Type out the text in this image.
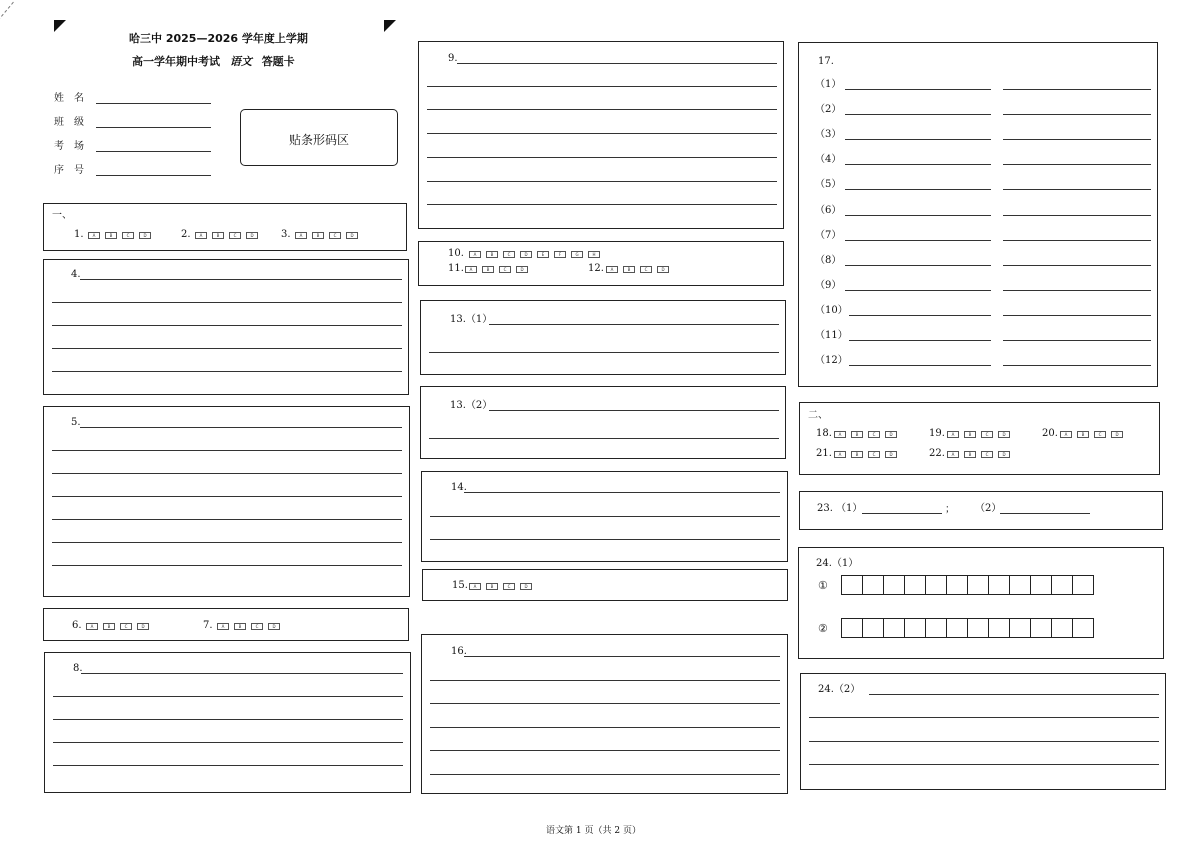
哈三中 2025—2026 学年度上学期
高一学年期中考试 语文 答题卡
姓　名
班　级
考　场
序　号
贴条形码区
一、
1.	A	B	C	D	2.	A	B	C	D	3.	A	B	C	D
4.
5.
6.	A	B	C	D	7.	A	B	C	D
8.
9.
10.	A	B	C	D	E	F	G	H
11.	A	B	C	D	12.	A	B	C	D
13.（1）
13.（2）
14.
15.	A	B	C	D
16.
17.
（1）
（2）
（3）
（4）
（5）
（6）
（7）
（8）
（9）
（10）
（11）
（12）
二、
18.	A	B	C	D	19.	A	B	C	D	20.	A	B	C	D
21.	A	B	C	D	22.	A	B	C	D
23. （1）	； （2）
24.（1）
①
②
24.（2）
语文第 1 页（共 2 页）
